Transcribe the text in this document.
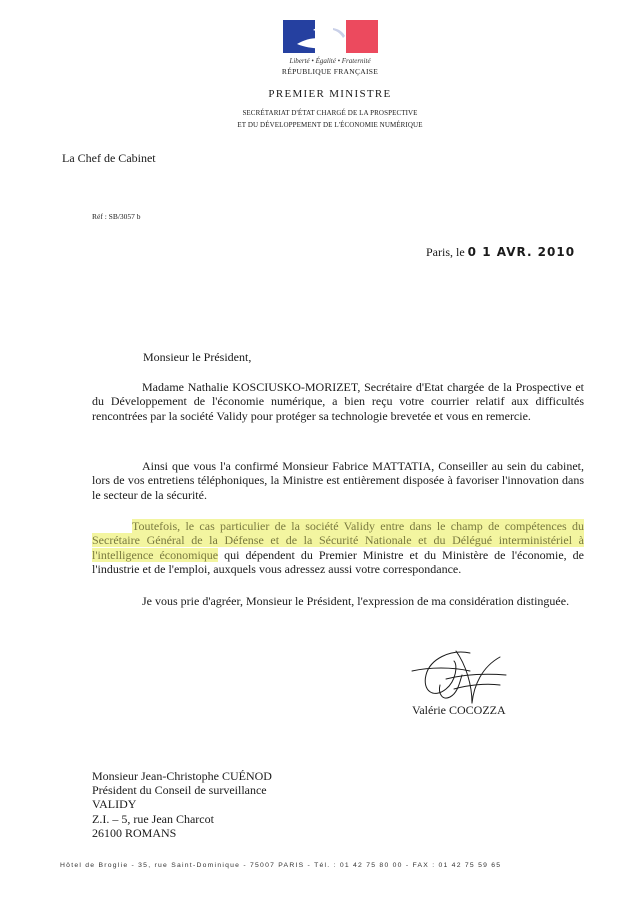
Liberté • Égalité • Fraternité
RÉPUBLIQUE FRANÇAISE
PREMIER MINISTRE
SECRÉTARIAT D'ÉTAT CHARGÉ DE LA PROSPECTIVE
ET DU DÉVELOPPEMENT DE L'ÉCONOMIE NUMÉRIQUE
La Chef de Cabinet
Réf : SB/3057 b
Paris, le 0 1 AVR. 2010
Monsieur le Président,
Madame Nathalie KOSCIUSKO-MORIZET, Secrétaire d'Etat chargée de la Prospective et du Développement de l'économie numérique, a bien reçu votre courrier relatif aux difficultés rencontrées par la société Validy pour protéger sa technologie brevetée et vous en remercie.
Ainsi que vous l'a confirmé Monsieur Fabrice MATTATIA, Conseiller au sein du cabinet, lors de vos entretiens téléphoniques, la Ministre est entièrement disposée à favoriser l'innovation dans le secteur de la sécurité.
Toutefois, le cas particulier de la société Validy entre dans le champ de compétences du Secrétaire Général de la Défense et de la Sécurité Nationale et du Délégué interministériel à l'intelligence économique qui dépendent du Premier Ministre et du Ministère de l'économie, de l'industrie et de l'emploi, auxquels vous adressez aussi votre correspondance.
Je vous prie d'agréer, Monsieur le Président, l'expression de ma considération distinguée.
Valérie COCOZZA
Monsieur Jean-Christophe CUÉNOD
Président du Conseil de surveillance
VALIDY
Z.I. – 5, rue Jean Charcot
26100 ROMANS
Hôtel de Broglie - 35, rue Saint-Dominique - 75007 PARIS - Tél. : 01 42 75 80 00 - FAX : 01 42 75 59 65
